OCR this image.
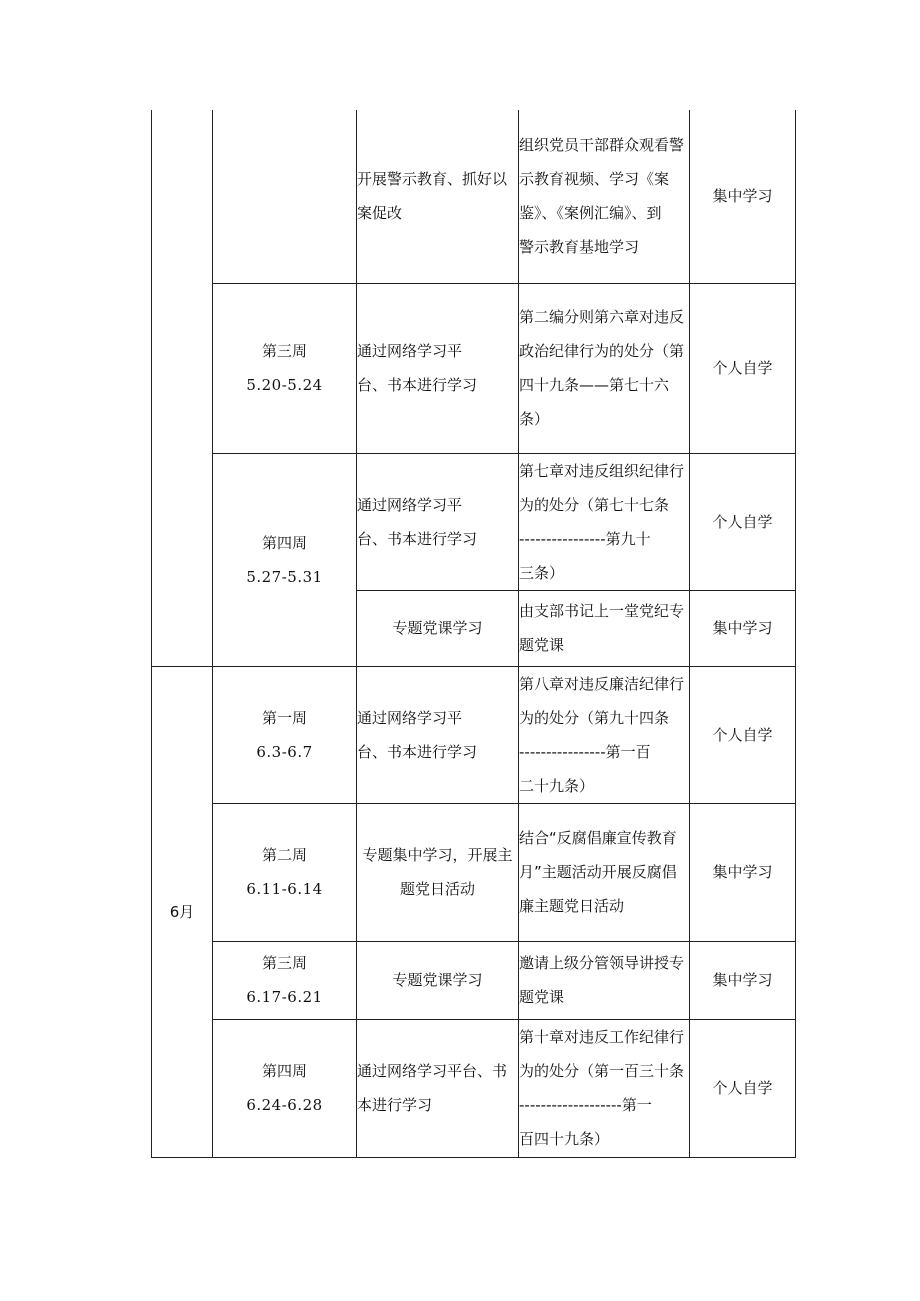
		开展警示教育、抓好以
案促改	组织党员干部群众观看警
示教育视频、学习《案
鉴》、《案例汇编》、到
警示教育基地学习	集中学习

	第三周
5.20-5.24	通过网络学习平
台、书本进行学习	第二编分则第六章对违反
政治纪律行为的处分（第
四十九条——第七十六
条）	个人自学

	第四周
5.27-5.31	通过网络学习平
台、书本进行学习	第七章对违反组织纪律行
为的处分（第七十七条
----------------第九十
三条）	个人自学
		专题党课学习	由支部书记上一堂党纪专
题党课	集中学习
6月	第一周
6.3-6.7	通过网络学习平
台、书本进行学习	第八章对违反廉洁纪律行
为的处分（第九十四条
----------------第一百
二十九条）	个人自学

	第二周
6.11-6.14	专题集中学习，开展主
题党日活动	结合“反腐倡廉宣传教育
月”主题活动开展反腐倡
廉主题党日活动	集中学习

	第三周
6.17-6.21	专题党课学习	邀请上级分管领导讲授专
题党课	集中学习

	第四周
6.24-6.28	通过网络学习平台、书
本进行学习	第十章对违反工作纪律行
为的处分（第一百三十条
-------------------第一
百四十九条）	个人自学
